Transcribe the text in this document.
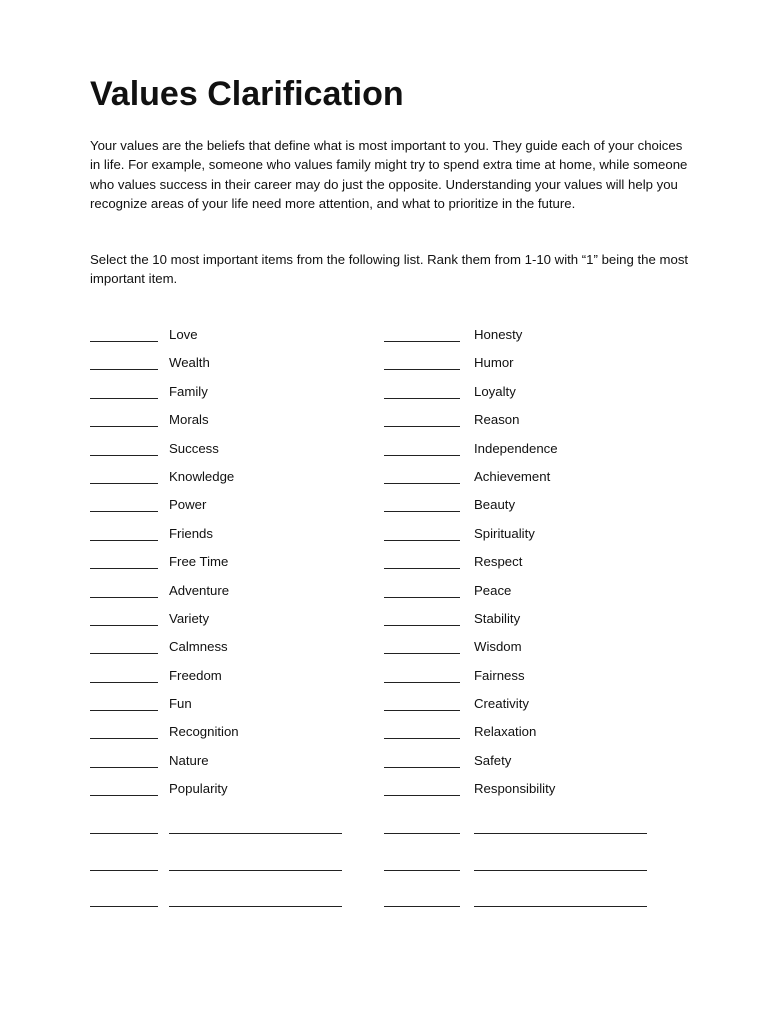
Values Clarification

Your values are the beliefs that define what is most important to you. They guide each of your choices in life. For example, someone who values family might try to spend extra time at home, while someone who values success in their career may do just the opposite. Understanding your values will help you recognize areas of your life need more attention, and what to prioritize in the future.

Select the 10 most important items from the following list. Rank them from 1-10 with “1” being the most important item.

Love
Wealth
Family
Morals
Success
Knowledge
Power
Friends
Free Time
Adventure
Variety
Calmness
Freedom
Fun
Recognition
Nature
Popularity
Honesty
Humor
Loyalty
Reason
Independence
Achievement
Beauty
Spirituality
Respect
Peace
Stability
Wisdom
Fairness
Creativity
Relaxation
Safety
Responsibility
